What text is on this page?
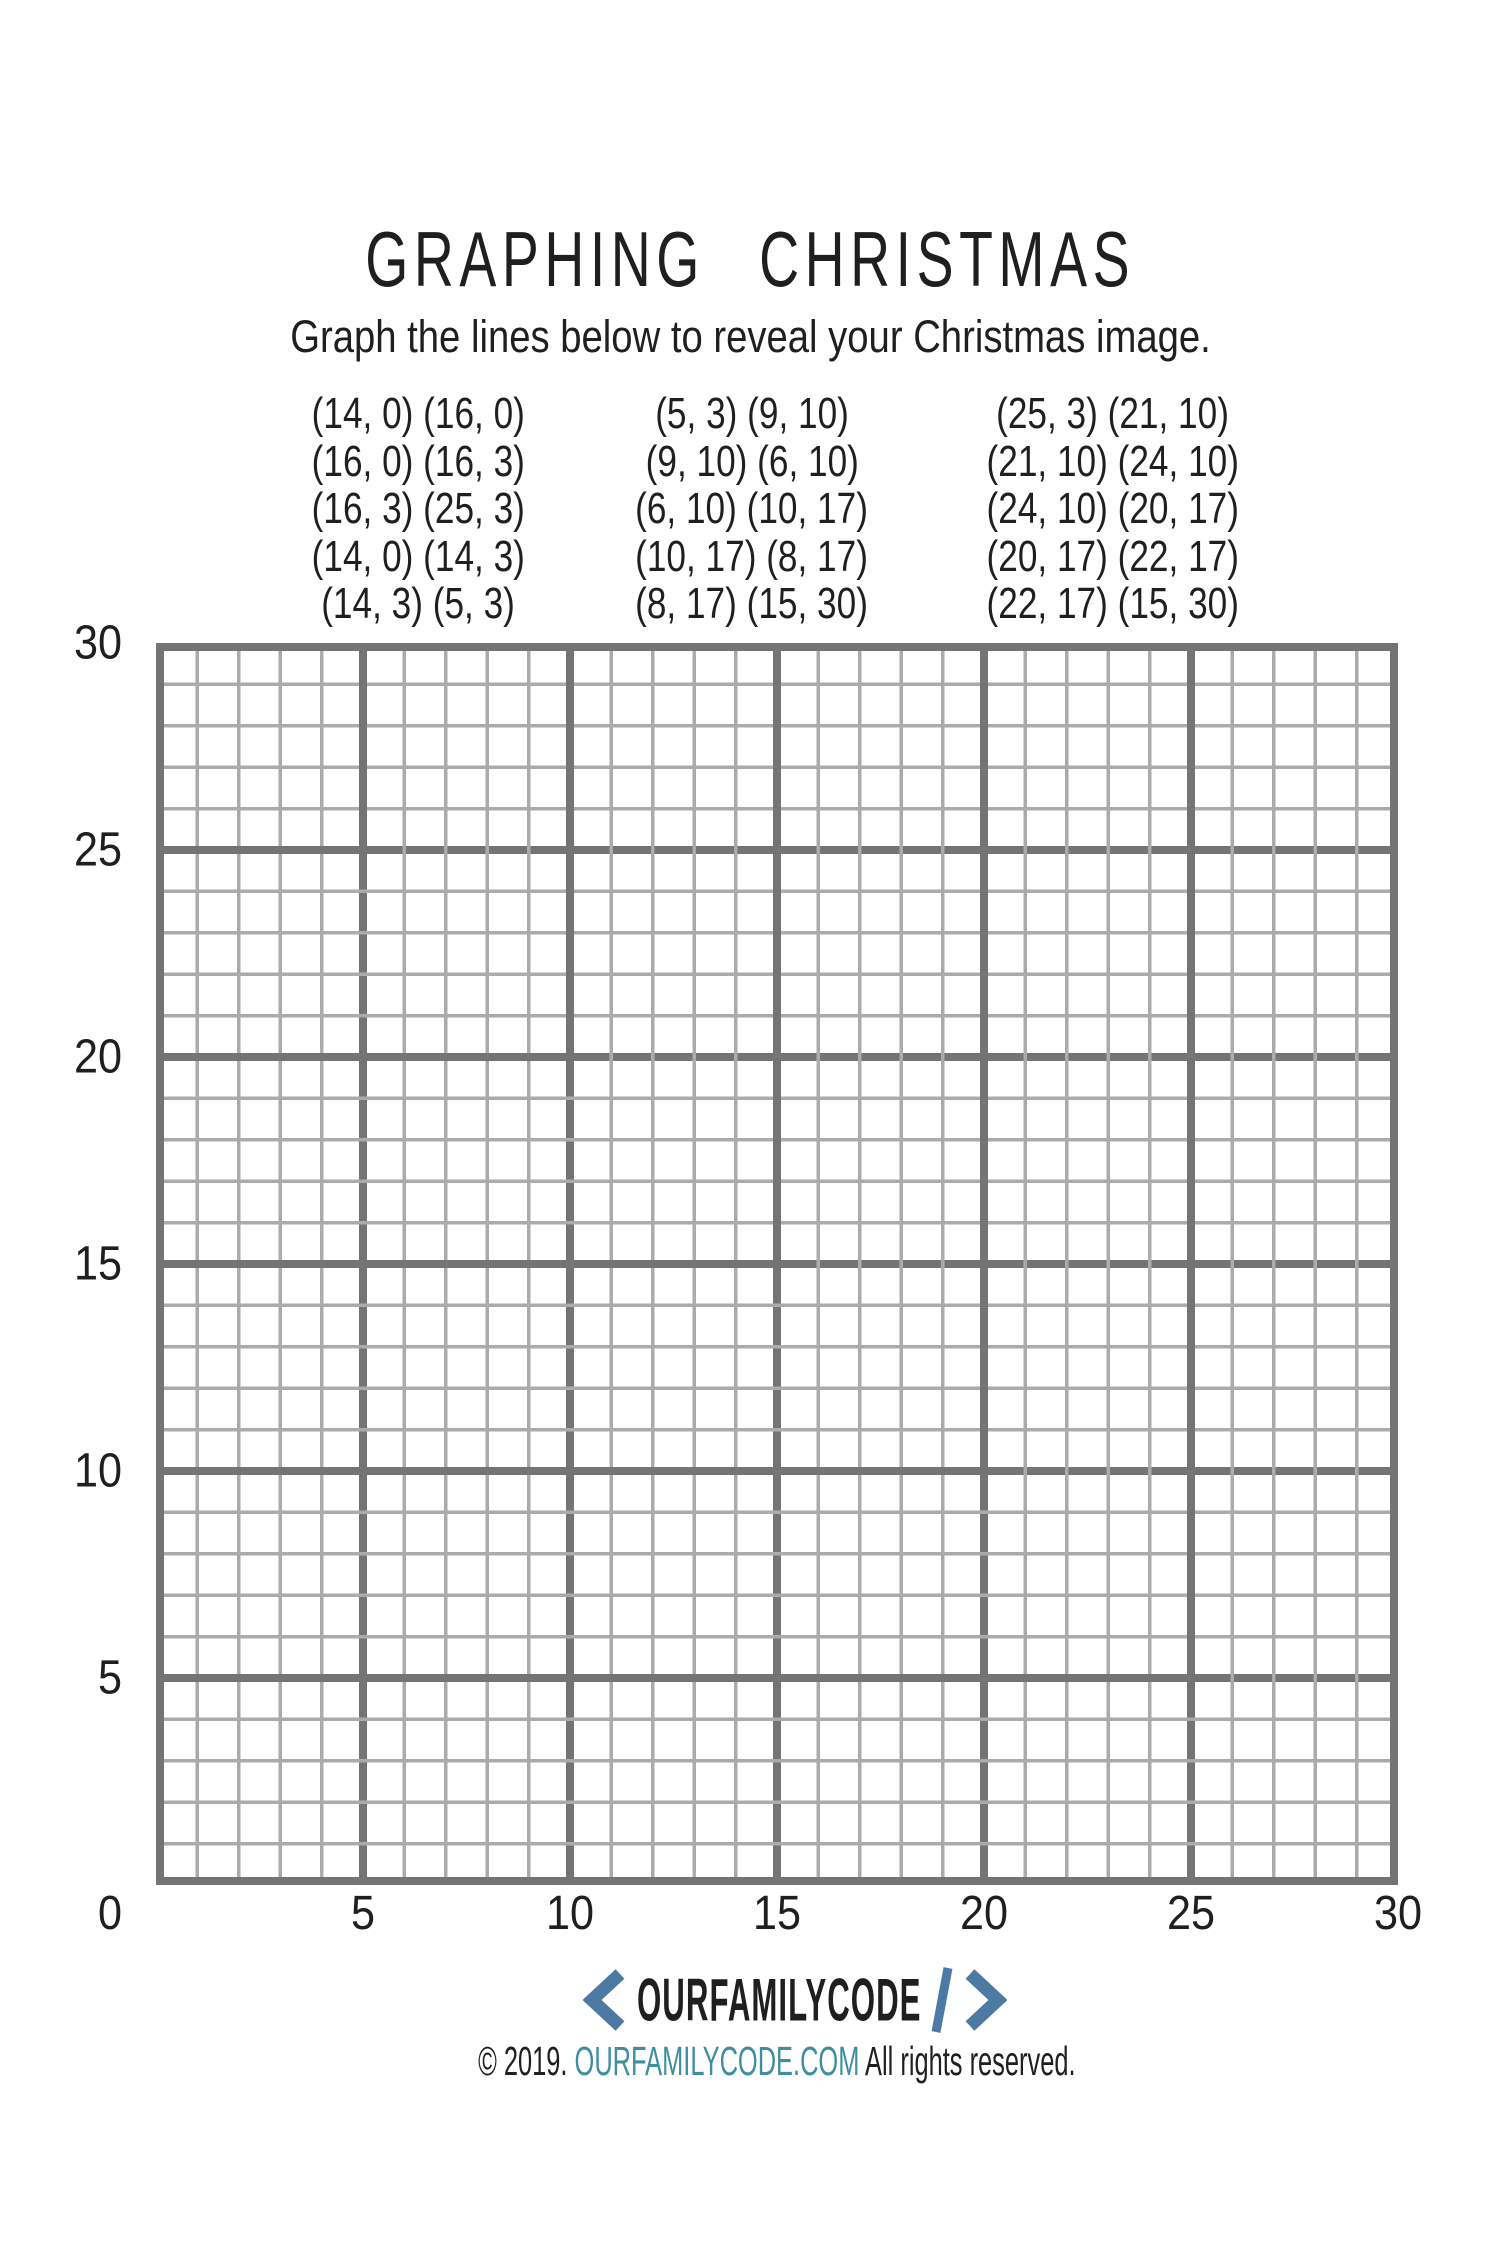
GRAPHING CHRISTMAS
Graph the lines below to reveal your Christmas image.
(14, 0) (16, 0)
(16, 0) (16, 3)
(16, 3) (25, 3)
(14, 0) (14, 3)
(14, 3) (5, 3)
(5, 3) (9, 10)
(9, 10) (6, 10)
(6, 10) (10, 17)
(10, 17) (8, 17)
(8, 17) (15, 30)
(25, 3) (21, 10)
(21, 10) (24, 10)
(24, 10) (20, 17)
(20, 17) (22, 17)
(22, 17) (15, 30)
0
30
25
20
15
10
5
5	10	15	20	25	30
OURFAMILYCODE
© 2019. OURFAMILYCODE.COM All rights reserved.
